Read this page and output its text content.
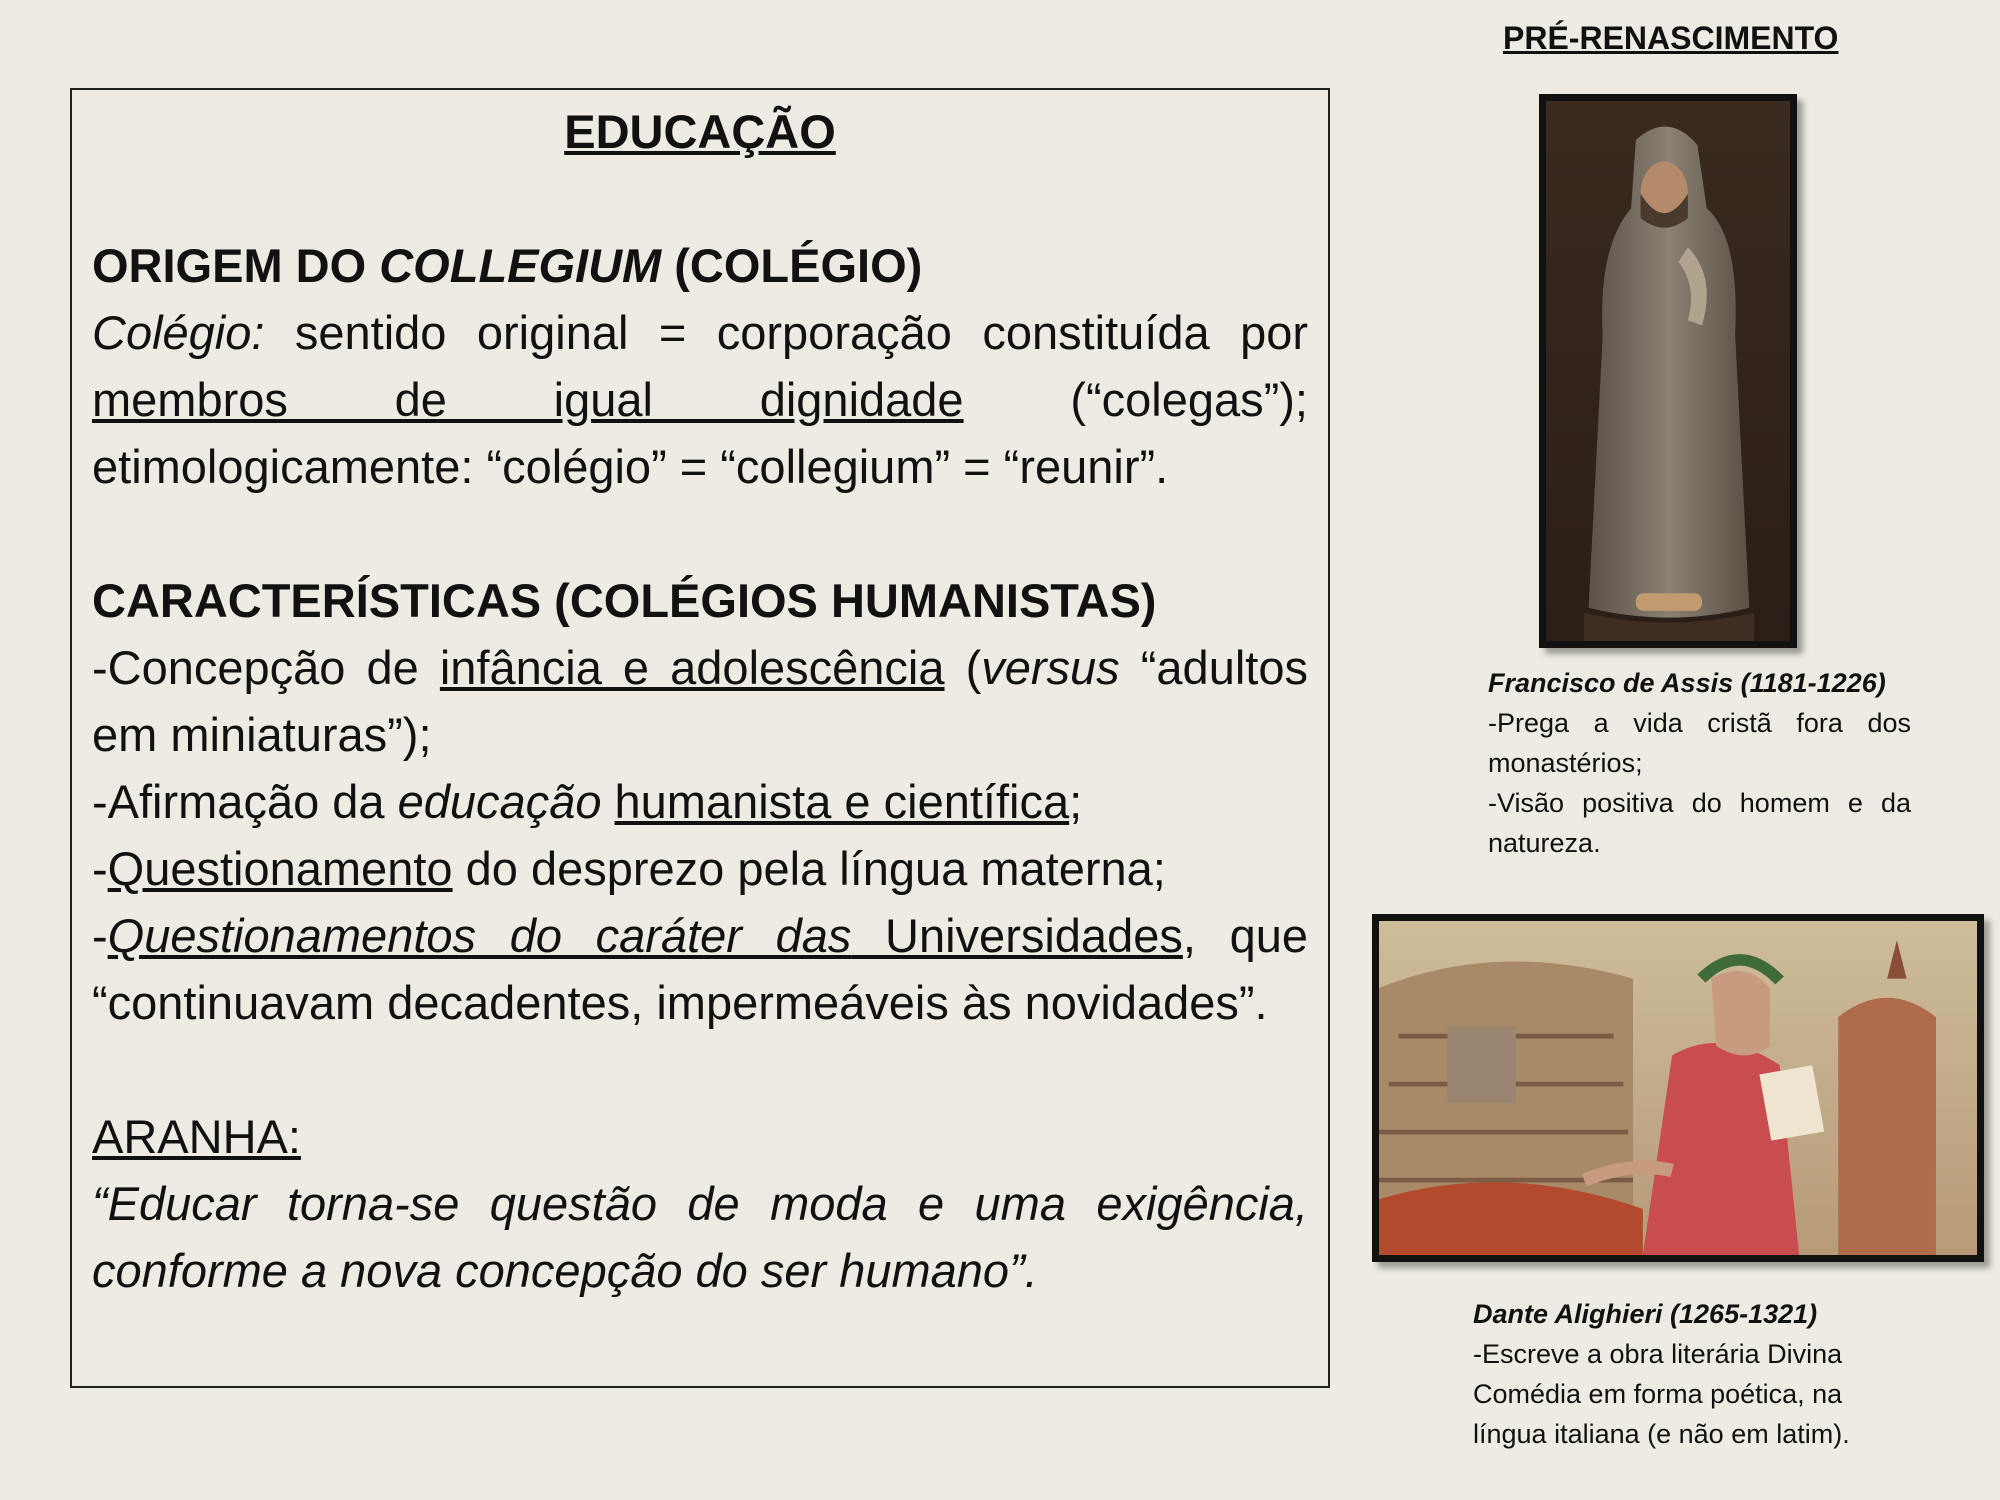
EDUCAÇÃO

ORIGEM DO COLLEGIUM (COLÉGIO)

Colégio: sentido original = corporação constituída por membros de igual dignidade (“colegas”); etimologicamente: “colégio” = “collegium” = “reunir”.

CARACTERÍSTICAS (COLÉGIOS HUMANISTAS)

-Concepção de infância e adolescência (versus “adultos em miniaturas”);

-Afirmação da educação humanista e científica;

-Questionamento do desprezo pela língua materna;

-Questionamentos do caráter das Universidades, que “continuavam decadentes, impermeáveis às novidades”.

ARANHA:

“Educar torna-se questão de moda e uma exigência, conforme a nova concepção do ser humano”.

PRÉ-RENASCIMENTO

Francisco de Assis (1181-1226)

-Prega a vida cristã fora dos monastérios;

-Visão positiva do homem e da natureza.

Dante Alighieri (1265-1321)

-Escreve a obra literária Divina Comédia em forma poética, na língua italiana (e não em latim).
